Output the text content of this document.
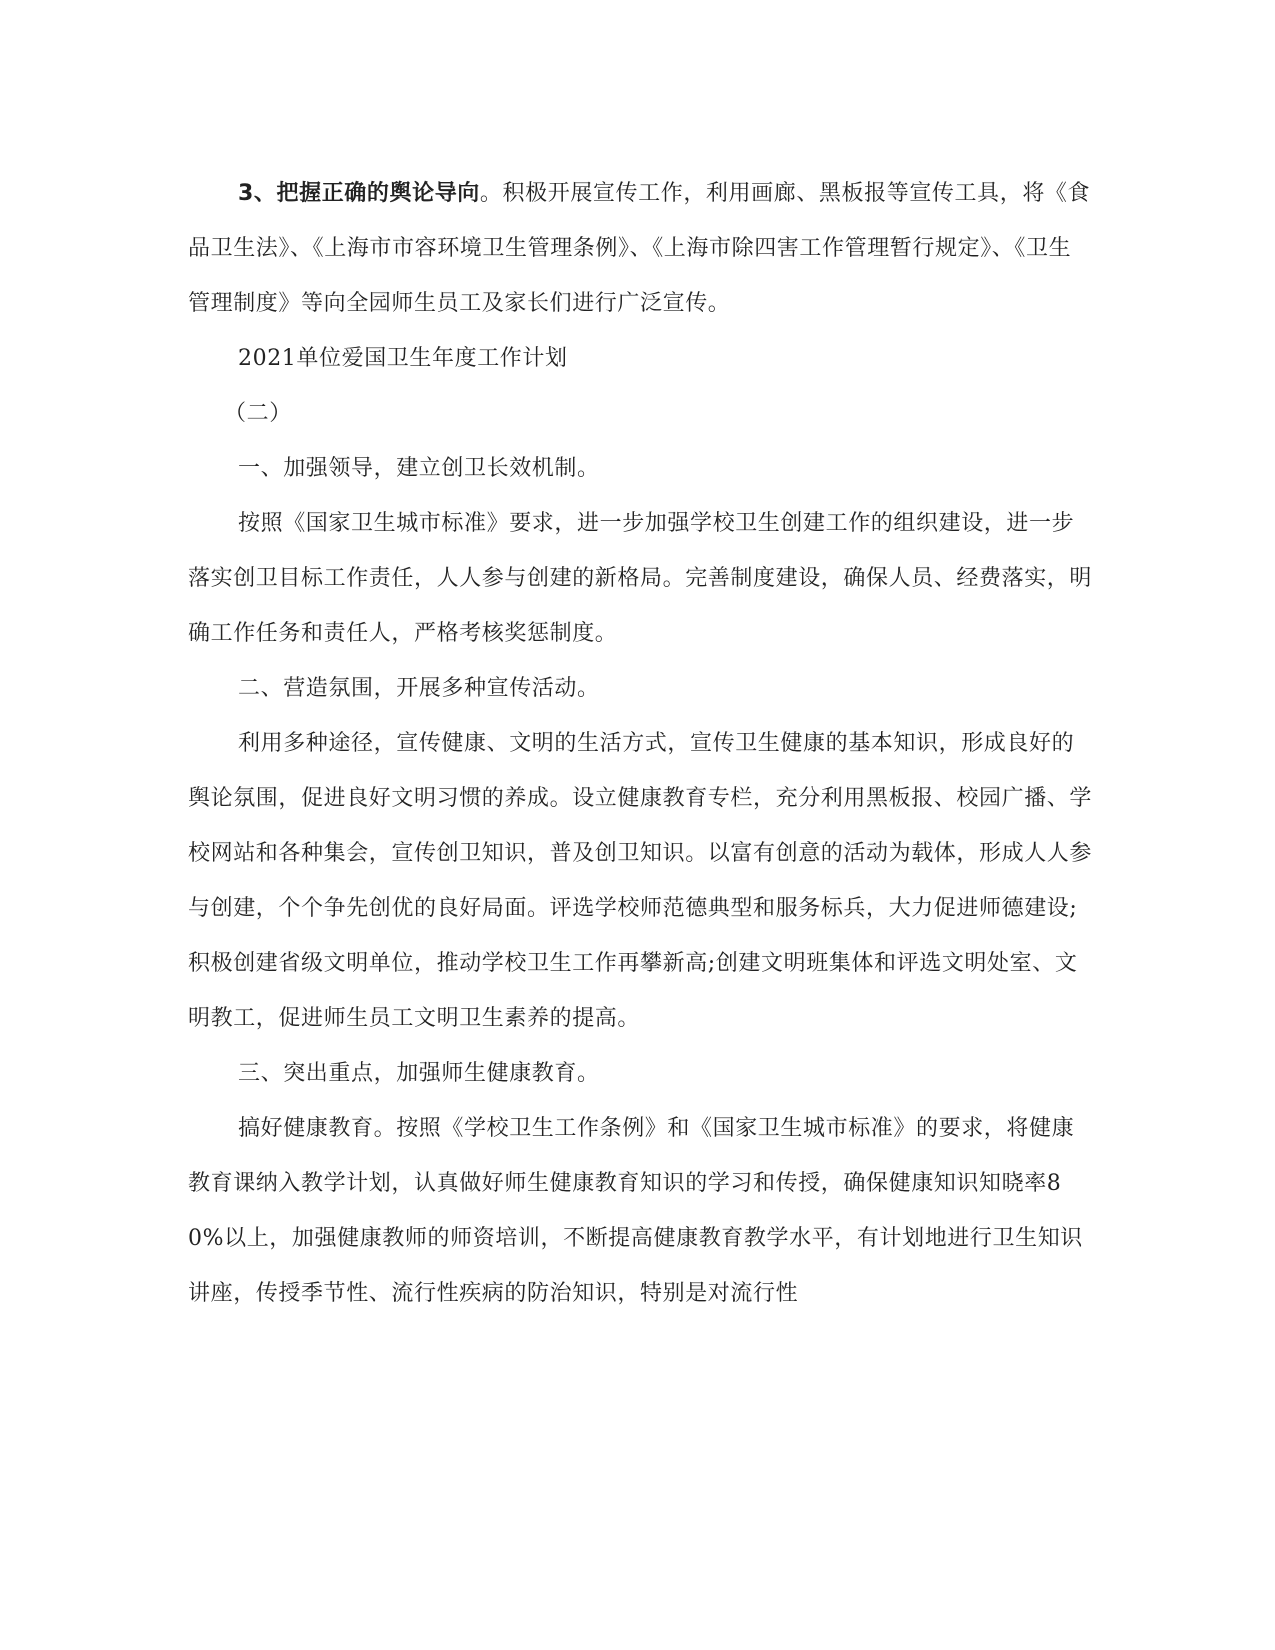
3、把握正确的舆论导向。积极开展宣传工作，利用画廊、黑板报等宣传工具，将《食品卫生法》、《上海市市容环境卫生管理条例》、《上海市除四害工作管理暂行规定》、《卫生管理制度》等向全园师生员工及家长们进行广泛宣传。

2021单位爱国卫生年度工作计划

（二）

一、加强领导，建立创卫长效机制。

按照《国家卫生城市标准》要求，进一步加强学校卫生创建工作的组织建设，进一步落实创卫目标工作责任，人人参与创建的新格局。完善制度建设，确保人员、经费落实，明确工作任务和责任人，严格考核奖惩制度。

二、营造氛围，开展多种宣传活动。

利用多种途径，宣传健康、文明的生活方式，宣传卫生健康的基本知识，形成良好的舆论氛围，促进良好文明习惯的养成。设立健康教育专栏，充分利用黑板报、校园广播、学校网站和各种集会，宣传创卫知识，普及创卫知识。以富有创意的活动为载体，形成人人参与创建，个个争先创优的良好局面。评选学校师范德典型和服务标兵，大力促进师德建设;积极创建省级文明单位，推动学校卫生工作再攀新高;创建文明班集体和评选文明处室、文明教工，促进师生员工文明卫生素养的提高。

三、突出重点，加强师生健康教育。

搞好健康教育。按照《学校卫生工作条例》和《国家卫生城市标准》的要求，将健康教育课纳入教学计划，认真做好师生健康教育知识的学习和传授，确保健康知识知晓率80%以上，加强健康教师的师资培训，不断提高健康教育教学水平，有计划地进行卫生知识讲座，传授季节性、流行性疾病的防治知识，特别是对流行性
